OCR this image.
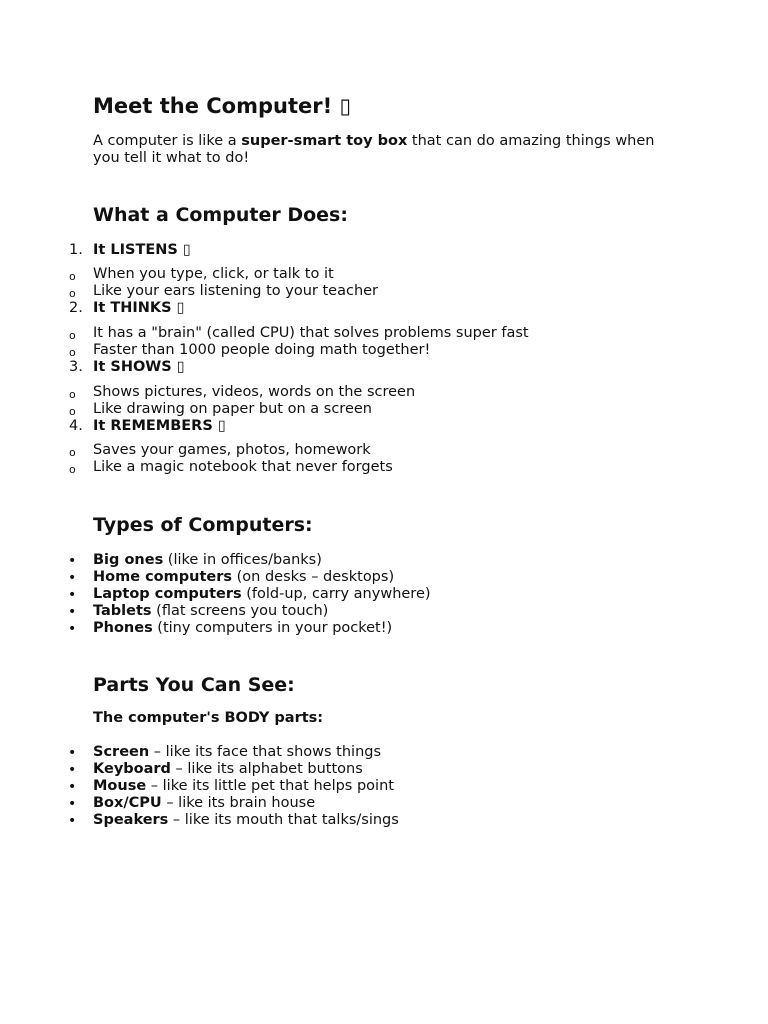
Meet the Computer! ▯

A computer is like a super-smart toy box that can do amazing things when you tell it what to do!

What a Computer Does:
1. It LISTENS ▯
o When you type, click, or talk to it
o Like your ears listening to your teacher
2. It THINKS ▯
o It has a "brain" (called CPU) that solves problems super fast
o Faster than 1000 people doing math together!
3. It SHOWS ▯
o Shows pictures, videos, words on the screen
o Like drawing on paper but on a screen
4. It REMEMBERS ▯
o Saves your games, photos, homework
o Like a magic notebook that never forgets
Types of Computers:
• Big ones (like in offices/banks)
• Home computers (on desks – desktops)
• Laptop computers (fold-up, carry anywhere)
• Tablets (flat screens you touch)
• Phones (tiny computers in your pocket!)
Parts You Can See:
The computer's BODY parts:
• Screen – like its face that shows things
• Keyboard – like its alphabet buttons
• Mouse – like its little pet that helps point
• Box/CPU – like its brain house
• Speakers – like its mouth that talks/sings
